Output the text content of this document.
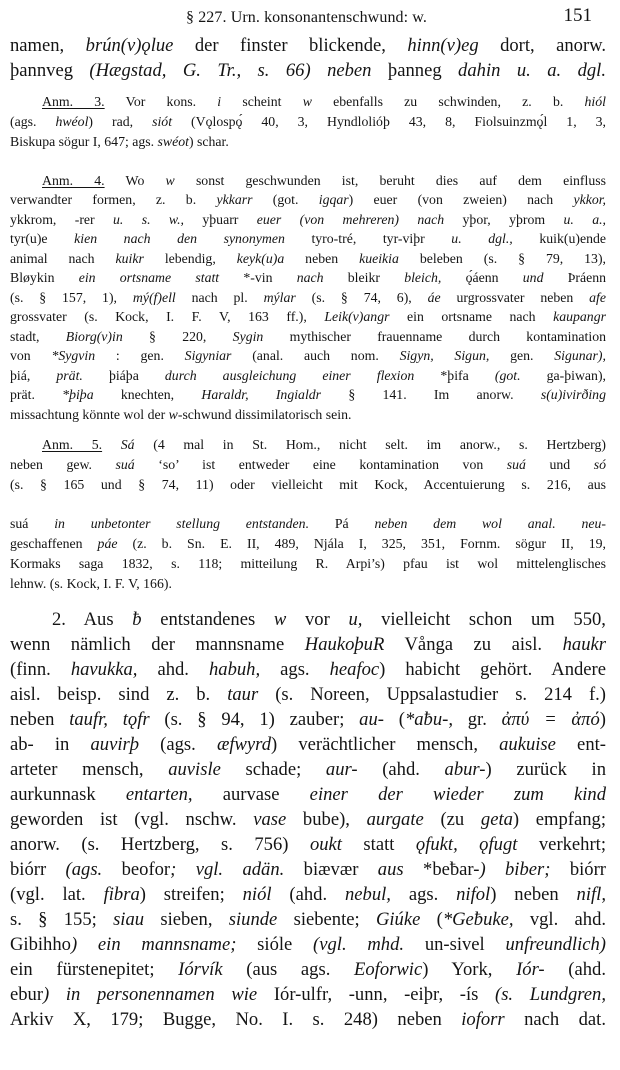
§ 227. Urn. konsonantenschwund: w.	151
namen, brún(v)ǫlue der finster blickende, hinn(v)eg dort, anorw.
þannveg (Hægstad, G. Tr., s. 66) neben þanneg dahin u. a. dgl.
Anm. 3. Vor kons. i scheint w ebenfalls zu schwinden, z. b. hiól
(ags. hwéol) rad, siót (Vǫlospǫ́ 40, 3, Hyndlolióþ 43, 8, Fiolsuinzmǫ́l 1, 3,
Biskupa sögur I, 647; ags. swéot) schar.
Anm. 4. Wo w sonst geschwunden ist, beruht dies auf dem einfluss
verwandter formen, z. b. ykkarr (got. igqar) euer (von zweien) nach ykkor,
ykkrom, -rer u. s. w., yþuarr euer (von mehreren) nach yþor, yþrom u. a.,
tyr(u)e kien nach den synonymen tyro-tré, tyr-viþr u. dgl., kuik(u)ende
animal nach kuikr lebendig, keyk(u)a neben kueikia beleben (s. § 79, 13),
Bløykin ein ortsname statt *-vin nach bleikr bleich, ǫ́áenn und Þráenn
(s. § 157, 1), mý(f)ell nach pl. mýlar (s. § 74, 6), áe urgrossvater neben afe
grossvater (s. Kock, I. F. V, 163 ff.), Leik(v)angr ein ortsname nach kaupangr
stadt, Biorg(v)in § 220, Sygin mythischer frauenname durch kontamination
von *Sygvin : gen. Sigyniar (anal. auch nom. Sigyn, Sigun, gen. Sigunar),
þiá, prät. þiáþa durch ausgleichung einer flexion *þifa (got. ga-þiwan),
prät. *þiþa knechten, Haraldr, Ingialdr § 141. Im anorw. s(u)ivirðing
missachtung könnte wol der w-schwund dissimilatorisch sein.
Anm. 5. Sá (4 mal in St. Hom., nicht selt. im anorw., s. Hertzberg)
neben gew. suá ‘so’ ist entweder eine kontamination von suá und só
(s. § 165 und § 74, 11) oder vielleicht mit Kock, Accentuierung s. 216, aus
suá in unbetonter stellung entstanden. Pá neben dem wol anal. neu-
geschaffenen páe (z. b. Sn. E. II, 489, Njála I, 325, 351, Fornm. sögur II, 19,
Kormaks saga 1832, s. 118; mitteilung R. Arpi’s) pfau ist wol mittelenglisches
lehnw. (s. Kock, I. F. V, 166).
2. Aus ƀ entstandenes w vor u, vielleicht schon um 550,
wenn nämlich der mannsname HaukoþuR Vånga zu aisl. haukr
(finn. havukka, ahd. habuh, ags. heafoc) habicht gehört. Andere
aisl. beisp. sind z. b. taur (s. Noreen, Uppsalastudier s. 214 f.)
neben taufr, tǫfr (s. § 94, 1) zauber; au- (*aƀu-, gr. ἀπύ = ἀπό)
ab- in auvirþ (ags. æfwyrd) verächtlicher mensch, aukuise ent-
arteter mensch, auvisle schade; aur- (ahd. abur-) zurück in
aurkunnask entarten, aurvase einer der wieder zum kind
geworden ist (vgl. nschw. vase bube), aurgate (zu geta) empfang;
anorw. (s. Hertzberg, s. 756) oukt statt ǫfukt, ǫfugt verkehrt;
biórr (ags. beofor; vgl. adän. biævær aus *beƀar-) biber; biórr
(vgl. lat. fibra) streifen; niól (ahd. nebul, ags. nifol) neben nifl,
s. § 155; siau sieben, siunde siebente; Giúke (*Geƀuke, vgl. ahd.
Gibihho) ein mannsname; sióle (vgl. mhd. un-sivel unfreundlich)
ein fürstenepitet; Iórvík (aus ags. Eoforwic) York, Iór- (ahd.
ebur) in personennamen wie Iór-ulfr, -unn, -eiþr, -ís (s. Lundgren,
Arkiv X, 179; Bugge, No. I. s. 248) neben ioforr nach dat.
